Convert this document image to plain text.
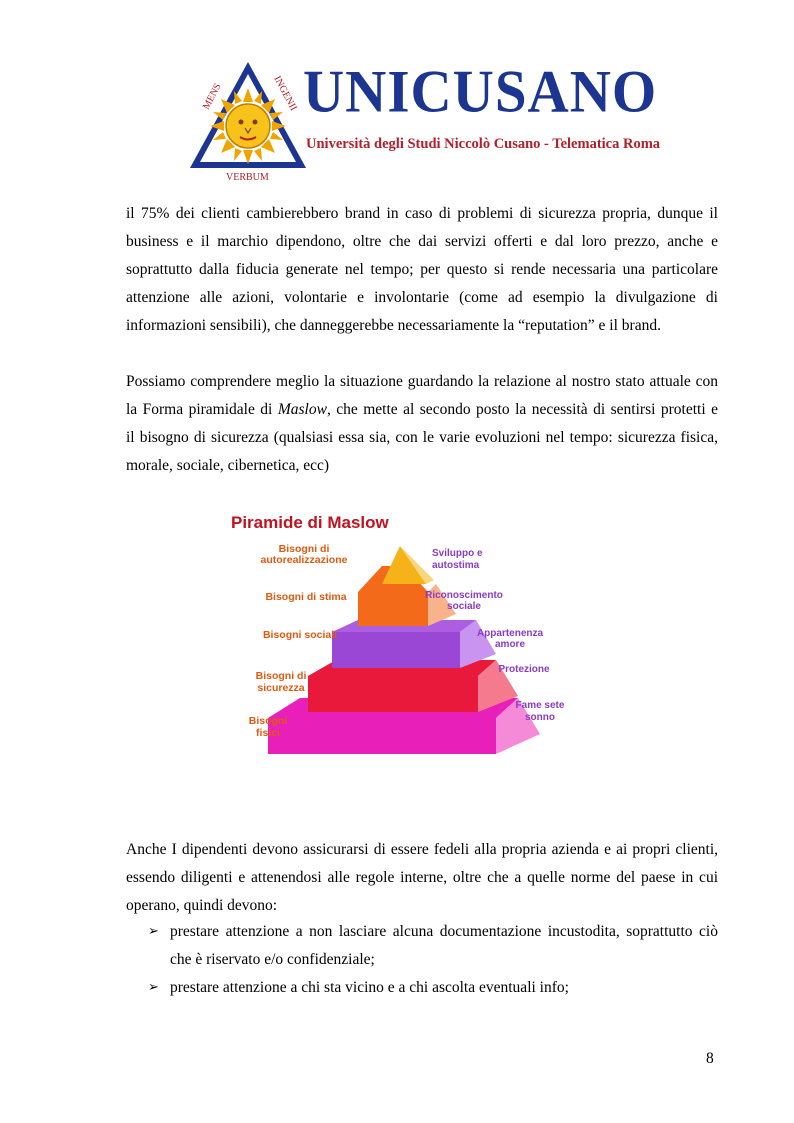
MENS	INGENII
VERBUM
UNICUSANO
Università degli Studi Niccolò Cusano - Telematica Roma
il 75% dei clienti cambierebbero brand in caso di problemi di sicurezza propria, dunque il
business e il marchio dipendono, oltre che dai servizi offerti e dal loro prezzo, anche e
soprattutto dalla fiducia generate nel tempo; per questo si rende necessaria una particolare
attenzione alle azioni, volontarie e involontarie (come ad esempio la divulgazione di
informazioni sensibili), che danneggerebbe necessariamente la “reputation” e il brand.
Possiamo comprendere meglio la situazione guardando la relazione al nostro stato attuale con
la Forma piramidale di Maslow, che mette al secondo posto la necessità di sentirsi protetti e
il bisogno di sicurezza (qualsiasi essa sia, con le varie evoluzioni nel tempo: sicurezza fisica,
morale, sociale, cibernetica, ecc)
Piramide di Maslow
Bisogni di
autorealizzazione
Bisogni di stima
Bisogni sociali
Bisogni di
sicurezza
Bisogni
fisici
Sviluppo e
autostima
Riconoscimento
sociale
Appartenenza
amore
Protezione
Fame sete
sonno
Anche I dipendenti devono assicurarsi di essere fedeli alla propria azienda e ai propri clienti,
essendo diligenti e attenendosi alle regole interne, oltre che a quelle norme del paese in cui
operano, quindi devono:
➢ prestare attenzione a non lasciare alcuna documentazione incustodita, soprattutto ciò
che è riservato e/o confidenziale;
➢ prestare attenzione a chi sta vicino e a chi ascolta eventuali info;
8
